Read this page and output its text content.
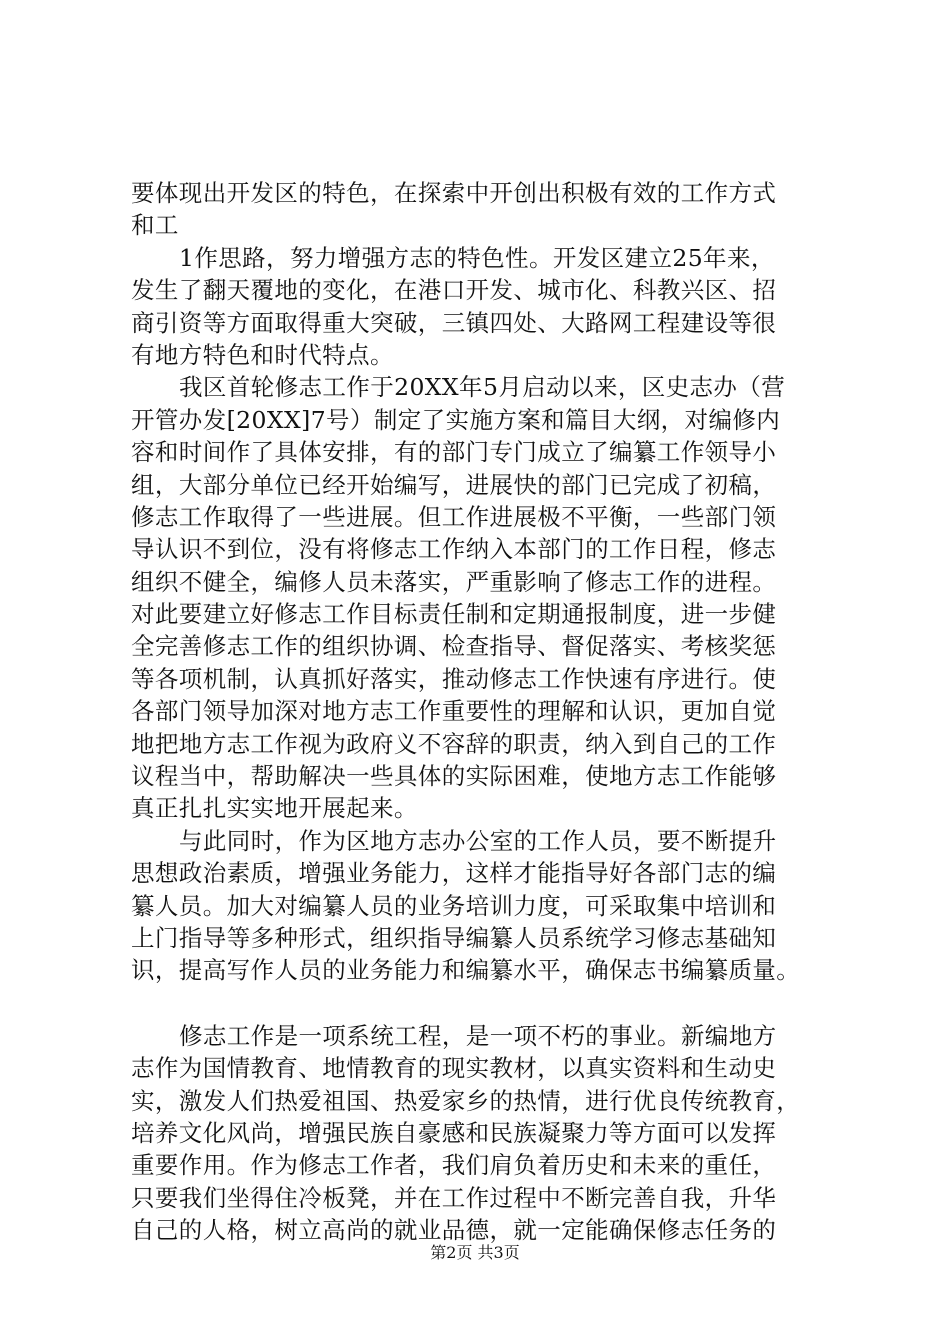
要体现出开发区的特色，在探索中开创出积极有效的工作方式
和工
1作思路，努力增强方志的特色性。开发区建立25年来，
发生了翻天覆地的变化，在港口开发、城市化、科教兴区、招
商引资等方面取得重大突破，三镇四处、大路网工程建设等很
有地方特色和时代特点。
我区首轮修志工作于20XX年5月启动以来，区史志办（营
开管办发[20XX]7号）制定了实施方案和篇目大纲，对编修内
容和时间作了具体安排，有的部门专门成立了编纂工作领导小
组，大部分单位已经开始编写，进展快的部门已完成了初稿，
修志工作取得了一些进展。但工作进展极不平衡，一些部门领
导认识不到位，没有将修志工作纳入本部门的工作日程，修志
组织不健全，编修人员未落实，严重影响了修志工作的进程。
对此要建立好修志工作目标责任制和定期通报制度，进一步健
全完善修志工作的组织协调、检查指导、督促落实、考核奖惩
等各项机制，认真抓好落实，推动修志工作快速有序进行。使
各部门领导加深对地方志工作重要性的理解和认识，更加自觉
地把地方志工作视为政府义不容辞的职责，纳入到自己的工作
议程当中，帮助解决一些具体的实际困难，使地方志工作能够
真正扎扎实实地开展起来。
与此同时，作为区地方志办公室的工作人员，要不断提升
思想政治素质，增强业务能力，这样才能指导好各部门志的编
纂人员。加大对编纂人员的业务培训力度，可采取集中培训和
上门指导等多种形式，组织指导编纂人员系统学习修志基础知
识，提高写作人员的业务能力和编纂水平，确保志书编纂质量。
修志工作是一项系统工程，是一项不朽的事业。新编地方
志作为国情教育、地情教育的现实教材，以真实资料和生动史
实，激发人们热爱祖国、热爱家乡的热情，进行优良传统教育，
培养文化风尚，增强民族自豪感和民族凝聚力等方面可以发挥
重要作用。作为修志工作者，我们肩负着历史和未来的重任，
只要我们坐得住冷板凳，并在工作过程中不断完善自我，升华
自己的人格，树立高尚的就业品德，就一定能确保修志任务的
第2页 共3页
